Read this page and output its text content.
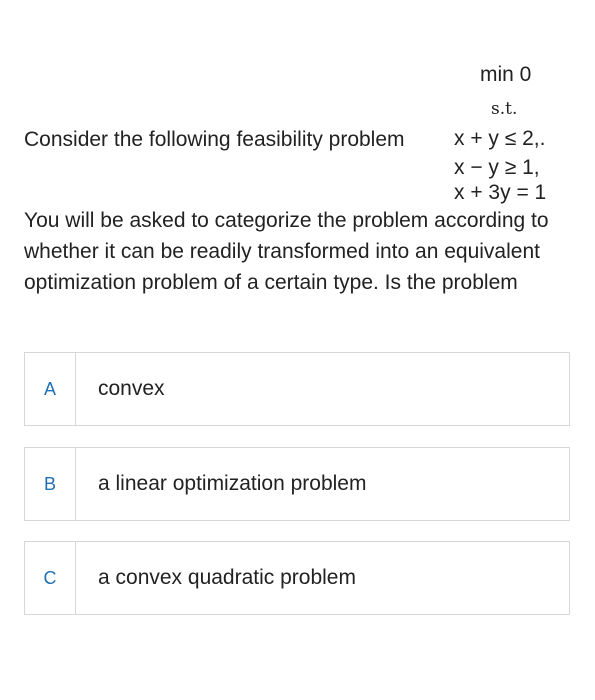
min 0
s.t.
Consider the following feasibility problem x + y ≤ 2,.
x − y ≥ 1,
x + 3y = 1
You will be asked to categorize the problem according to whether it can be readily transformed into an equivalent optimization problem of a certain type. Is the problem
A	convex
B	a linear optimization problem
C	a convex quadratic problem
